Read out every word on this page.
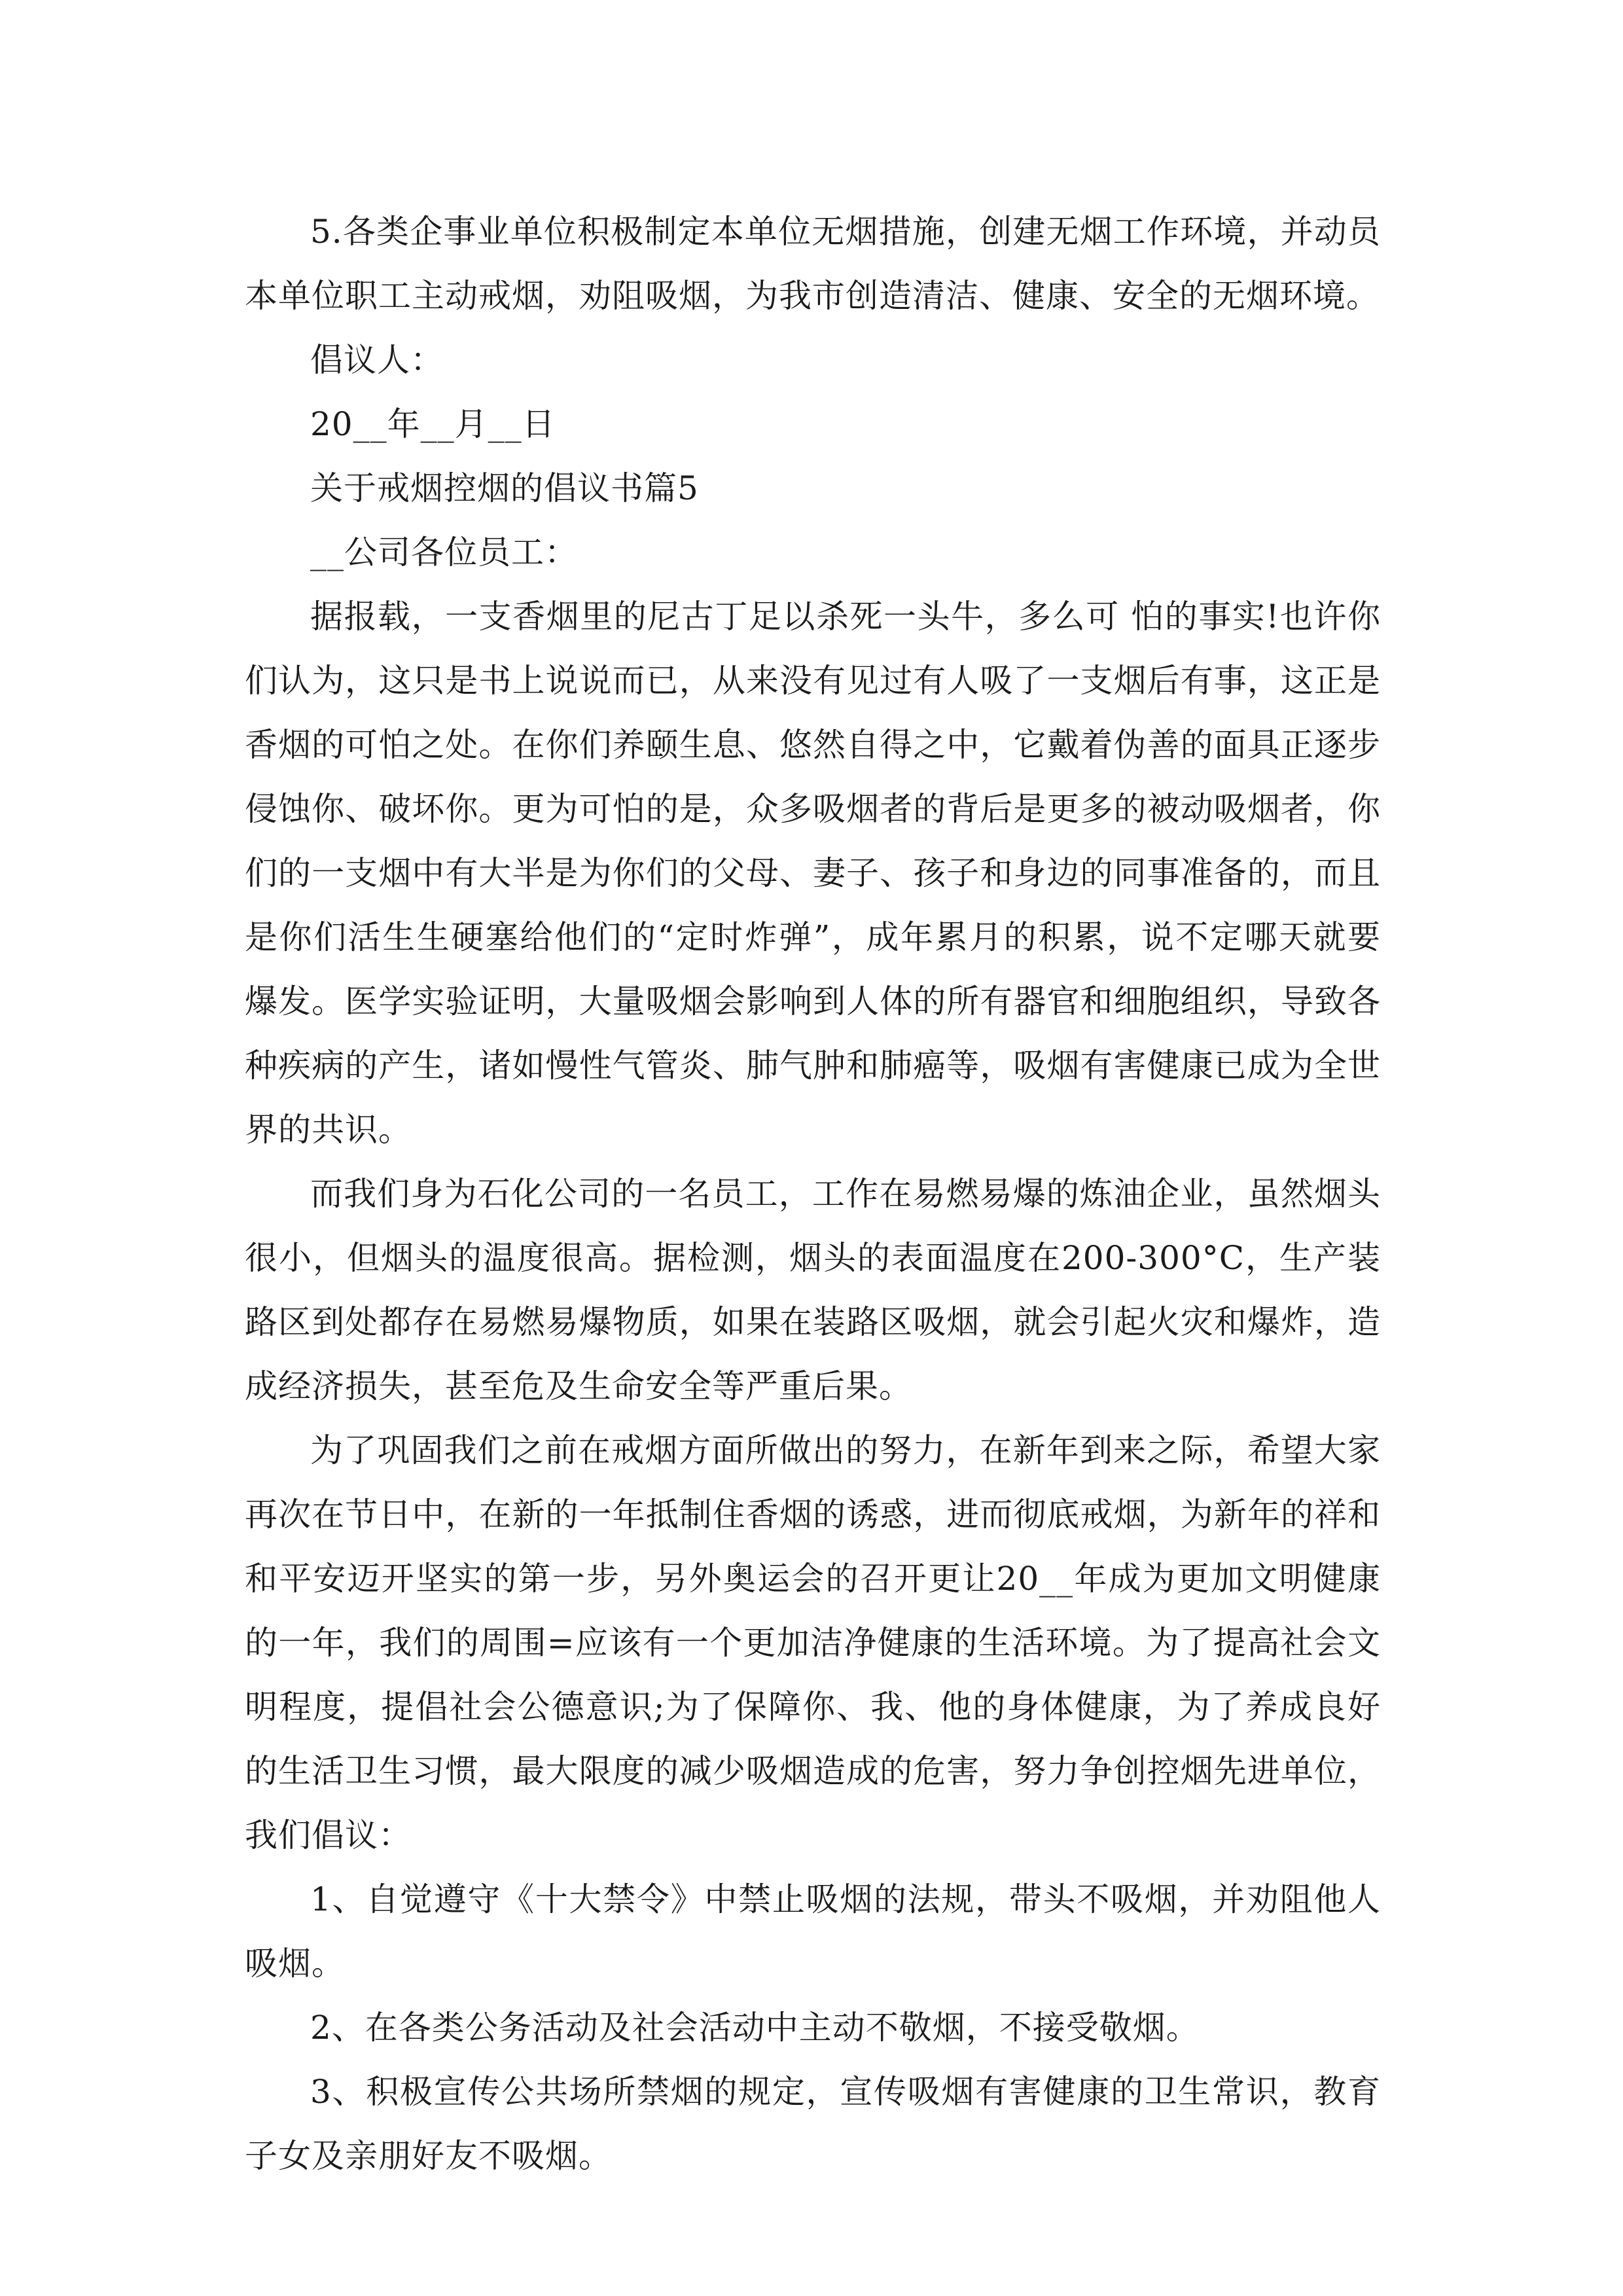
5.各类企事业单位积极制定本单位无烟措施，创建无烟工作环境，并动员本单位职工主动戒烟，劝阻吸烟，为我市创造清洁、健康、安全的无烟环境。

倡议人：

20__年__月__日

关于戒烟控烟的倡议书篇5

__公司各位员工：

据报载，一支香烟里的尼古丁足以杀死一头牛，多么可 怕的事实!也许你们认为，这只是书上说说而已，从来没有见过有人吸了一支烟后有事，这正是香烟的可怕之处。在你们养颐生息、悠然自得之中，它戴着伪善的面具正逐步侵蚀你、破坏你。更为可怕的是，众多吸烟者的背后是更多的被动吸烟者，你们的一支烟中有大半是为你们的父母、妻子、孩子和身边的同事准备的，而且是你们活生生硬塞给他们的“定时炸弹”，成年累月的积累，说不定哪天就要爆发。医学实验证明，大量吸烟会影响到人体的所有器官和细胞组织，导致各种疾病的产生，诸如慢性气管炎、肺气肿和肺癌等，吸烟有害健康已成为全世界的共识。

而我们身为石化公司的一名员工，工作在易燃易爆的炼油企业，虽然烟头很小，但烟头的温度很高。据检测，烟头的表面温度在200-300°C，生产装路区到处都存在易燃易爆物质，如果在装路区吸烟，就会引起火灾和爆炸，造成经济损失，甚至危及生命安全等严重后果。

为了巩固我们之前在戒烟方面所做出的努力，在新年到来之际，希望大家再次在节日中，在新的一年抵制住香烟的诱惑，进而彻底戒烟，为新年的祥和和平安迈开坚实的第一步，另外奥运会的召开更让20__年成为更加文明健康的一年，我们的周围=应该有一个更加洁净健康的生活环境。为了提高社会文明程度，提倡社会公德意识;为了保障你、我、他的身体健康，为了养成良好的生活卫生习惯，最大限度的减少吸烟造成的危害，努力争创控烟先进单位，我们倡议：

1、自觉遵守《十大禁令》中禁止吸烟的法规，带头不吸烟，并劝阻他人吸烟。

2、在各类公务活动及社会活动中主动不敬烟，不接受敬烟。

3、积极宣传公共场所禁烟的规定，宣传吸烟有害健康的卫生常识，教育子女及亲朋好友不吸烟。
